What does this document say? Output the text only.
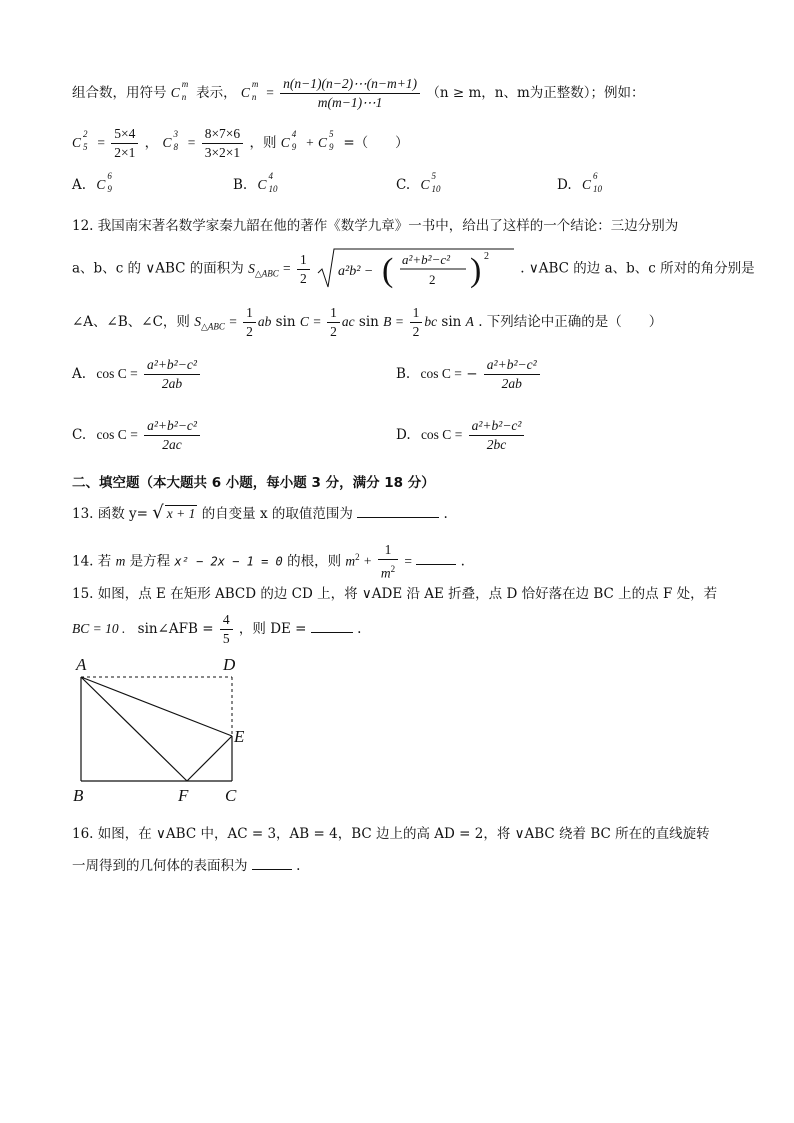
组合数，用符号 C
m
n 表示， C
m
$n = \frac{n(n-1)(n-2)\cdots(n-m+1)}{m(m-1)\cdots 1} (n \ge m$，n、m为正整数）；例如：
C
2
$5 = \frac{5\times 4}{2\times 1}$ ， C
3
$8 = \frac{8\times 7\times 6}{3\times 2\times 1}$ ，则 C
4
9 + C
5
9 =（　　）
A. C
6
9	B. C
4
10	C. C
5
10	D. C
6
10
12. 我国南宋著名数学家秦九韶在他的著作《数学九章》一书中，给出了这样的一个结论：三边分别为
a、b、c 的 ∨ABC 的面积为 $S_{\triangle ABC} = \frac{1}{2}$
a²b² − ( a²+b²−c²
2 ) 2
. ∨ABC 的边 a、b、c 所对的角分别是
∠A、∠B、∠C，则 $S_{\triangle ABC} = \frac{1}{2}$ ab $\sin C = \frac{1}{2}$ ac $\sin B = \frac{1}{2}$ bc sin A . 下列结论中正确的是（　　）
A. $\cos C = \frac{\text{a²+b²−c²}}{2ab}$	B. cos C = − $\frac{\text{a²+b²−c²}}{2ab}$
C. $\cos C = \frac{\text{a²+b²−c²}}{2ac}$	D. $\cos C = \frac{\text{a²+b²−c²}}{2bc}$
二、填空题（本大题共 6 小题，每小题 3 分，满分 18 分）
13. 函数 y= √ x + 1 的自变量 x 的取值范围为	.
14. 若 m 是方程 x² − 2x − 1 = 0 的根，则 $m^2 + \frac{1}{m^2}$ =	.
15. 如图，点 E 在矩形 ABCD 的边 CD 上，将 ∨ADE 沿 AE 折叠，点 D 恰好落在边 BC 上的点 F 处，若
BC = 10 . sin∠AFB = $\frac{4}{5}$ ，则 DE =	.
A	D
E
B	F C
16. 如图，在 ∨ABC 中，AC = 3，AB = 4，BC 边上的高 AD = 2，将 ∨ABC 绕着 BC 所在的直线旋转
一周得到的几何体的表面积为	.
